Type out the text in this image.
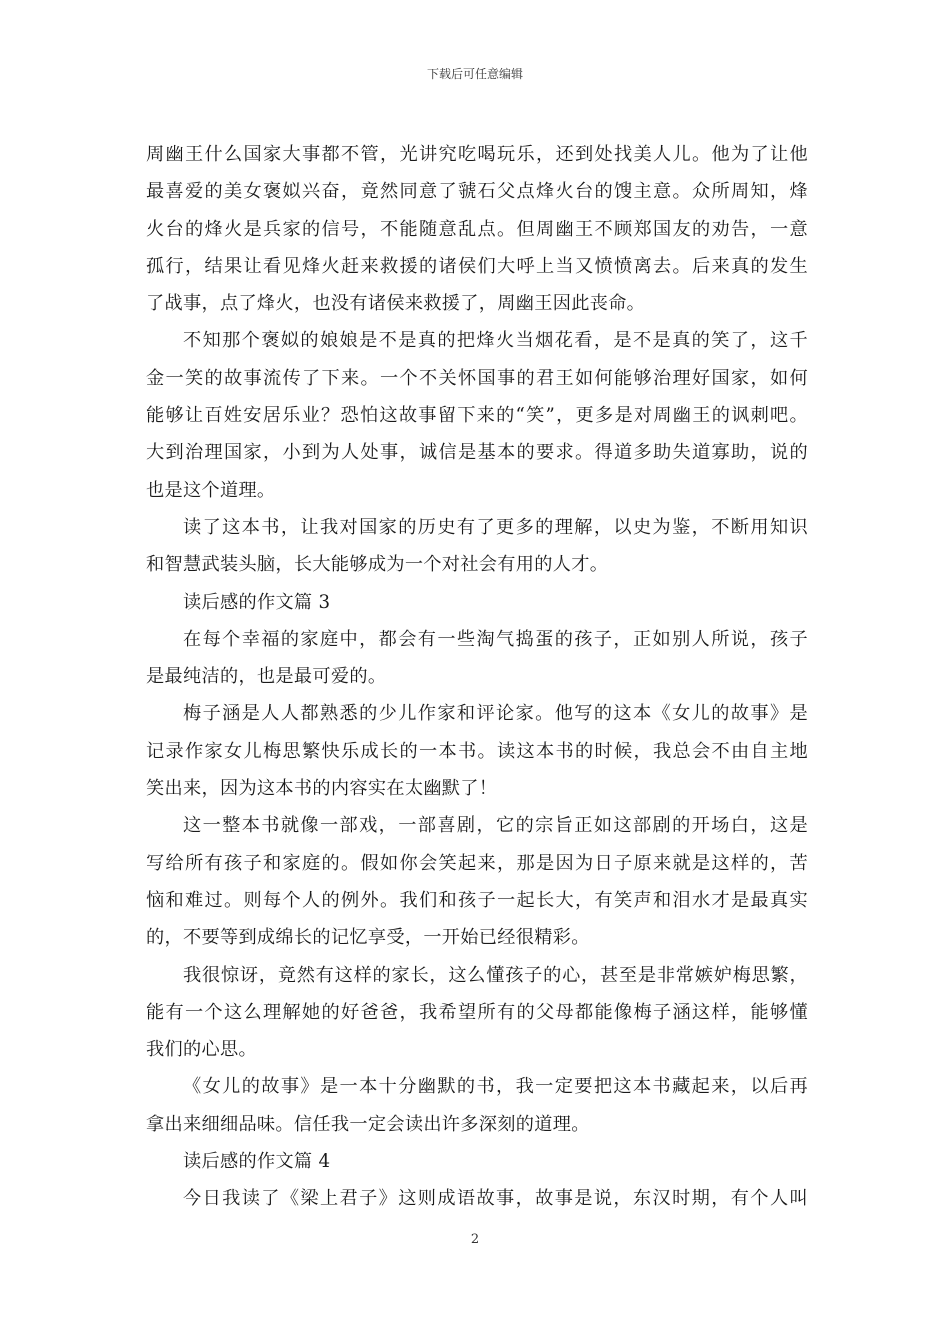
下载后可任意编辑
周幽王什么国家大事都不管，光讲究吃喝玩乐，还到处找美人儿。他为了让他
最喜爱的美女褒姒兴奋，竟然同意了虢石父点烽火台的馊主意。众所周知，烽
火台的烽火是兵家的信号，不能随意乱点。但周幽王不顾郑国友的劝告，一意
孤行，结果让看见烽火赶来救援的诸侯们大呼上当又愤愤离去。后来真的发生
了战事，点了烽火，也没有诸侯来救援了，周幽王因此丧命。
不知那个褒姒的娘娘是不是真的把烽火当烟花看，是不是真的笑了，这千
金一笑的故事流传了下来。一个不关怀国事的君王如何能够治理好国家，如何
能够让百姓安居乐业？恐怕这故事留下来的“笑”，更多是对周幽王的讽刺吧。
大到治理国家，小到为人处事，诚信是基本的要求。得道多助失道寡助，说的
也是这个道理。
读了这本书，让我对国家的历史有了更多的理解，以史为鉴，不断用知识
和智慧武装头脑，长大能够成为一个对社会有用的人才。
读后感的作文篇 3
在每个幸福的家庭中，都会有一些淘气捣蛋的孩子，正如别人所说，孩子
是最纯洁的，也是最可爱的。
梅子涵是人人都熟悉的少儿作家和评论家。他写的这本《女儿的故事》是
记录作家女儿梅思繁快乐成长的一本书。读这本书的时候，我总会不由自主地
笑出来，因为这本书的内容实在太幽默了！
这一整本书就像一部戏，一部喜剧，它的宗旨正如这部剧的开场白，这是
写给所有孩子和家庭的。假如你会笑起来，那是因为日子原来就是这样的，苦
恼和难过。则每个人的例外。我们和孩子一起长大，有笑声和泪水才是最真实
的，不要等到成绵长的记忆享受，一开始已经很精彩。
我很惊讶，竟然有这样的家长，这么懂孩子的心，甚至是非常嫉妒梅思繁，
能有一个这么理解她的好爸爸，我希望所有的父母都能像梅子涵这样，能够懂
我们的心思。
《女儿的故事》是一本十分幽默的书，我一定要把这本书藏起来，以后再
拿出来细细品味。信任我一定会读出许多深刻的道理。
读后感的作文篇 4
今日我读了《梁上君子》这则成语故事，故事是说，东汉时期，有个人叫
2
